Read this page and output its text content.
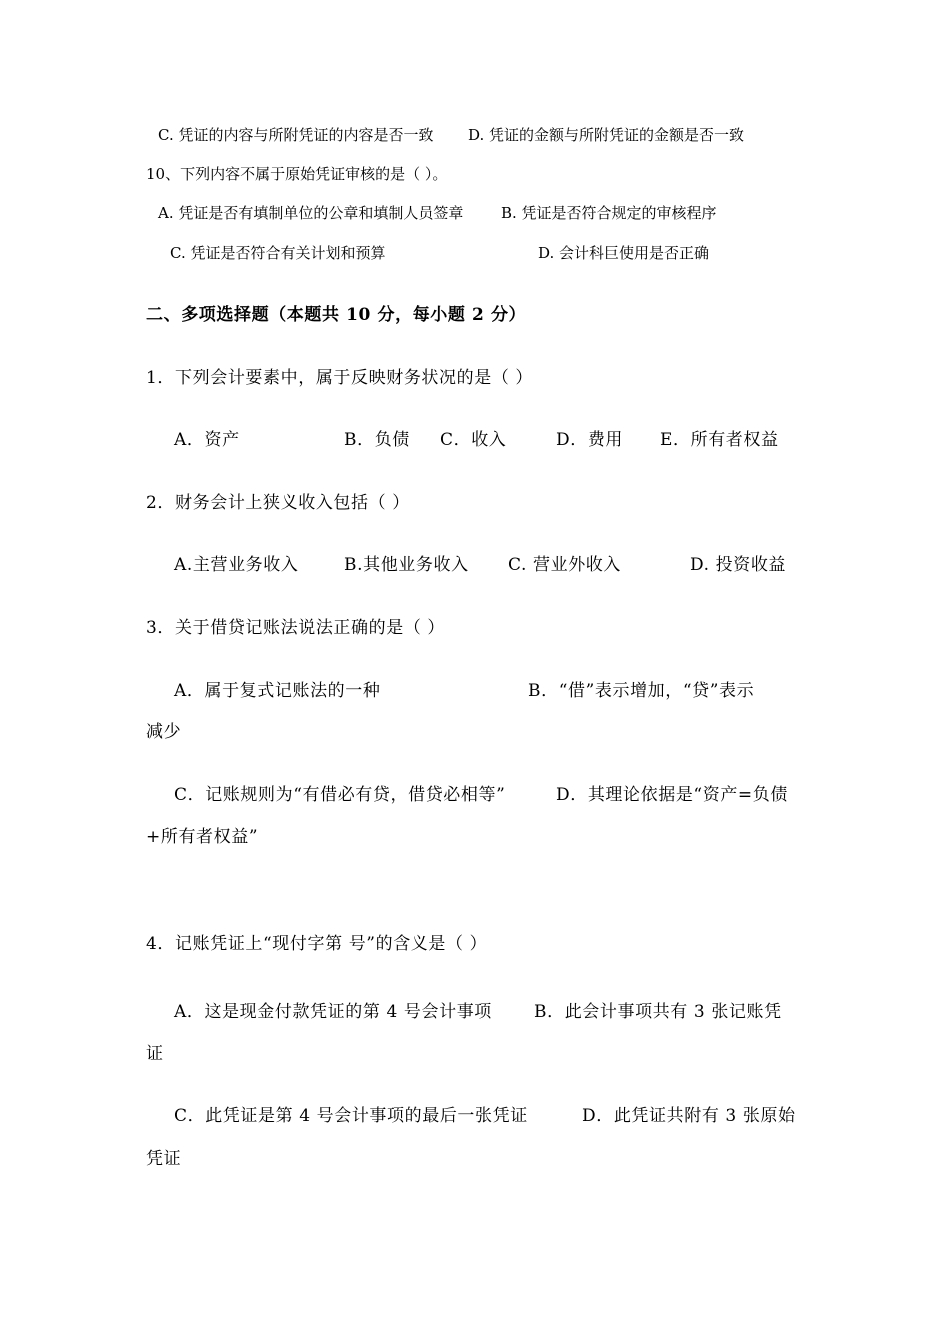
C. 凭证的内容与所附凭证的内容是否一致 D. 凭证的金额与所附凭证的金额是否一致
10、下列内容不属于原始凭证审核的是（ ）。
A. 凭证是否有填制单位的公章和填制人员签章	B. 凭证是否符合规定的审核程序
C. 凭证是否符合有关计划和预算	D. 会计科巨使用是否正确
二、多项选择题（本题共 10 分，每小题 2 分）
1．下列会计要素中，属于反映财务状况的是（ ）
A．资产	B．负债 C．收入	D．费用 E．所有者权益
2．财务会计上狭义收入包括（ ）
A.主营业务收入	B.其他业务收入 C. 营业外收入	D. 投资收益
3．关于借贷记账法说法正确的是（ ）
A．属于复式记账法的一种	B．“借”表示增加，“贷”表示
减少
C．记账规则为“有借必有贷，借贷必相等”	D．其理论依据是“资产=负债
+所有者权益”
4．记账凭证上“现付字第 号”的含义是（ ）
A．这是现金付款凭证的第 4 号会计事项 B．此会计事项共有 3 张记账凭
证
C．此凭证是第 4 号会计事项的最后一张凭证	D．此凭证共附有 3 张原始
凭证
